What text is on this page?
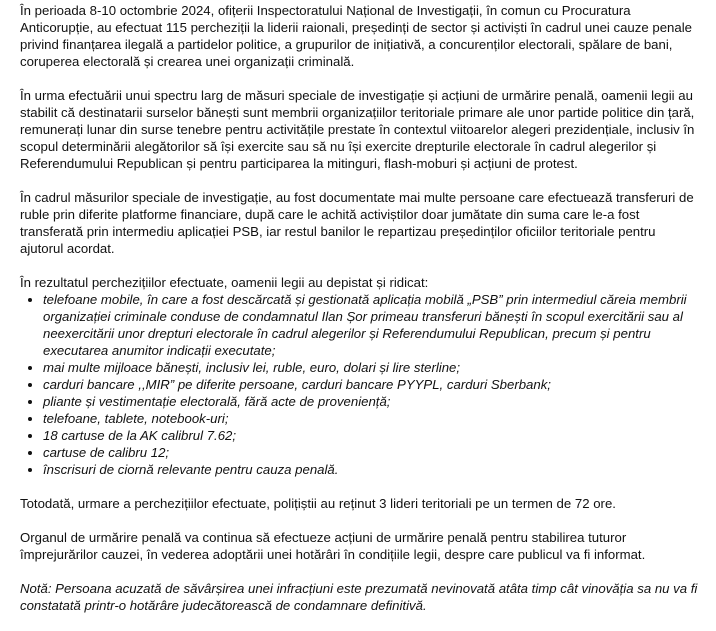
În perioada 8-10 octombrie 2024, ofițerii Inspectoratului Național de Investigații, în comun cu Procuratura Anticorupție, au efectuat 115 percheziții la liderii raionali, președinți de sector și activiști în cadrul unei cauze penale privind finanțarea ilegală a partidelor politice, a grupurilor de inițiativă, a concurenților electorali, spălare de bani, coruperea electorală și crearea unei organizații criminală.

În urma efectuării unui spectru larg de măsuri speciale de investigație și acțiuni de urmărire penală, oamenii legii au stabilit că destinatarii surselor bănești sunt membrii organizațiilor teritoriale primare ale unor partide politice din țară, remunerați lunar din surse tenebre pentru activitățile prestate în contextul viitoarelor alegeri prezidențiale, inclusiv în scopul determinării alegătorilor să își exercite sau să nu își exercite drepturile electorale în cadrul alegerilor și Referendumului Republican și pentru participarea la mitinguri, flash-moburi și acțiuni de protest.

În cadrul măsurilor speciale de investigație, au fost documentate mai multe persoane care efectuează transferuri de ruble prin diferite platforme financiare, după care le achită activiștilor doar jumătate din suma care le-a fost transferată prin intermediu aplicației PSB, iar restul banilor le repartizau președinților oficiilor teritoriale pentru ajutorul acordat.

În rezultatul perchezițiilor efectuate, oamenii legii au depistat și ridicat:

• telefoane mobile, în care a fost descărcată și gestionată aplicația mobilă „PSB” prin intermediul căreia membrii organizației criminale conduse de condamnatul Ilan Șor primeau transferuri bănești în scopul exercitării sau al neexercitării unor drepturi electorale în cadrul alegerilor și Referendumului Republican, precum și pentru executarea anumitor indicații executate;
• mai multe mijloace bănești, inclusiv lei, ruble, euro, dolari și lire sterline;
• carduri bancare ,,MIR” pe diferite persoane, carduri bancare PYYPL, carduri Sberbank;
• pliante și vestimentație electorală, fără acte de proveniență;
• telefoane, tablete, notebook-uri;
• 18 cartuse de la AK calibrul 7.62;
• cartuse de calibru 12;
• înscrisuri de ciornă relevante pentru cauza penală.

Totodată, urmare a perchezițiilor efectuate, polițiștii au reținut 3 lideri teritoriali pe un termen de 72 ore.

Organul de urmărire penală va continua să efectueze acțiuni de urmărire penală pentru stabilirea tuturor împrejurărilor cauzei, în vederea adoptării unei hotărâri în condițiile legii, despre care publicul va fi informat.

Notă: Persoana acuzată de săvârșirea unei infracțiuni este prezumată nevinovată atâta timp cât vinovăția sa nu va fi constatată printr-o hotărâre judecătorească de condamnare definitivă.
